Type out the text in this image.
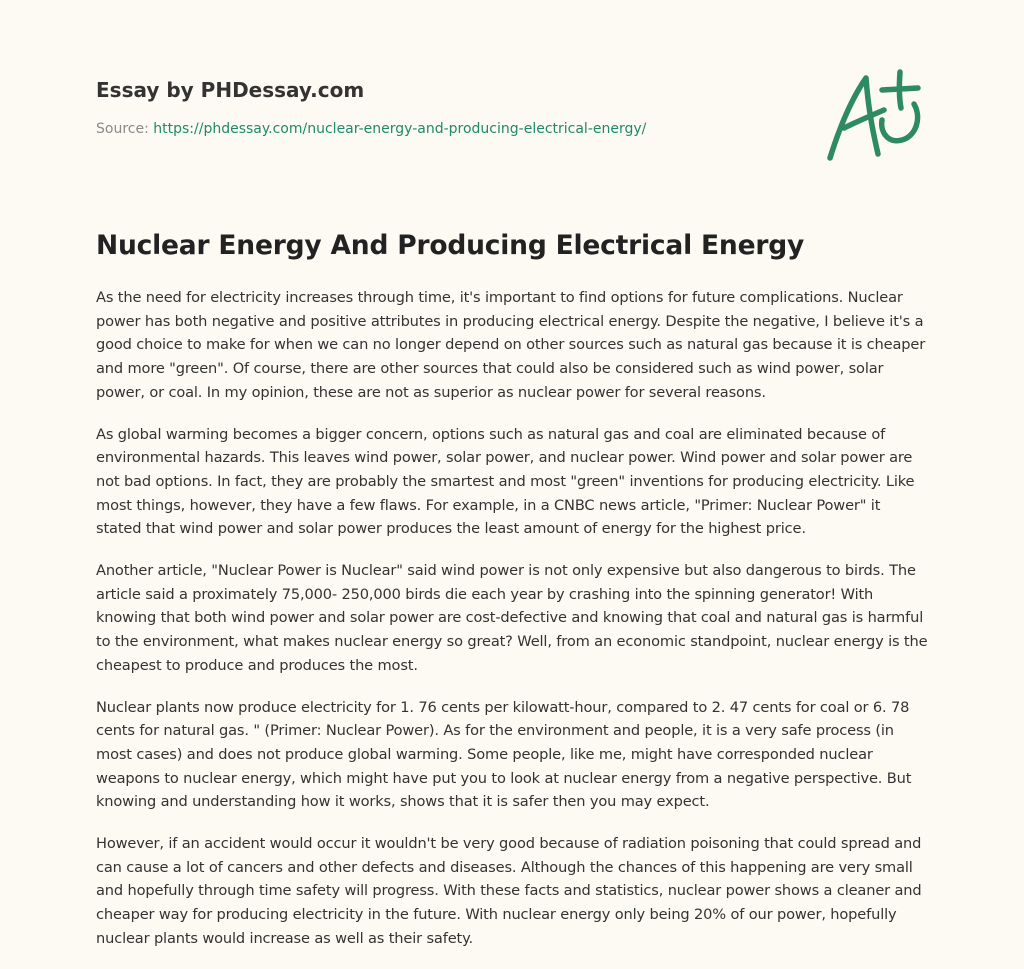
Essay by PHDessay.com
Source: https://phdessay.com/nuclear-energy-and-producing-electrical-energy/
Nuclear Energy And Producing Electrical Energy

As the need for electricity increases through time, it's important to find options for future complications. Nuclear power has both negative and positive attributes in producing electrical energy. Despite the negative, I believe it's a good choice to make for when we can no longer depend on other sources such as natural gas because it is cheaper and more "green". Of course, there are other sources that could also be considered such as wind power, solar power, or coal. In my opinion, these are not as superior as nuclear power for several reasons.

As global warming becomes a bigger concern, options such as natural gas and coal are eliminated because of environmental hazards. This leaves wind power, solar power, and nuclear power. Wind power and solar power are not bad options. In fact, they are probably the smartest and most "green" inventions for producing electricity. Like most things, however, they have a few flaws. For example, in a CNBC news article, "Primer: Nuclear Power" it stated that wind power and solar power produces the least amount of energy for the highest price.

Another article, "Nuclear Power is Nuclear" said wind power is not only expensive but also dangerous to birds. The article said a proximately 75,000- 250,000 birds die each year by crashing into the spinning generator! With knowing that both wind power and solar power are cost-defective and knowing that coal and natural gas is harmful to the environment, what makes nuclear energy so great? Well, from an economic standpoint, nuclear energy is the cheapest to produce and produces the most.

Nuclear plants now produce electricity for 1. 76 cents per kilowatt-hour, compared to 2. 47 cents for coal or 6. 78 cents for natural gas. " (Primer: Nuclear Power). As for the environment and people, it is a very safe process (in most cases) and does not produce global warming. Some people, like me, might have corresponded nuclear weapons to nuclear energy, which might have put you to look at nuclear energy from a negative perspective. But knowing and understanding how it works, shows that it is safer then you may expect.

However, if an accident would occur it wouldn't be very good because of radiation poisoning that could spread and can cause a lot of cancers and other defects and diseases. Although the chances of this happening are very small and hopefully through time safety will progress. With these facts and statistics, nuclear power shows a cleaner and cheaper way for producing electricity in the future. With nuclear energy only being 20% of our power, hopefully nuclear plants would increase as well as their safety.
